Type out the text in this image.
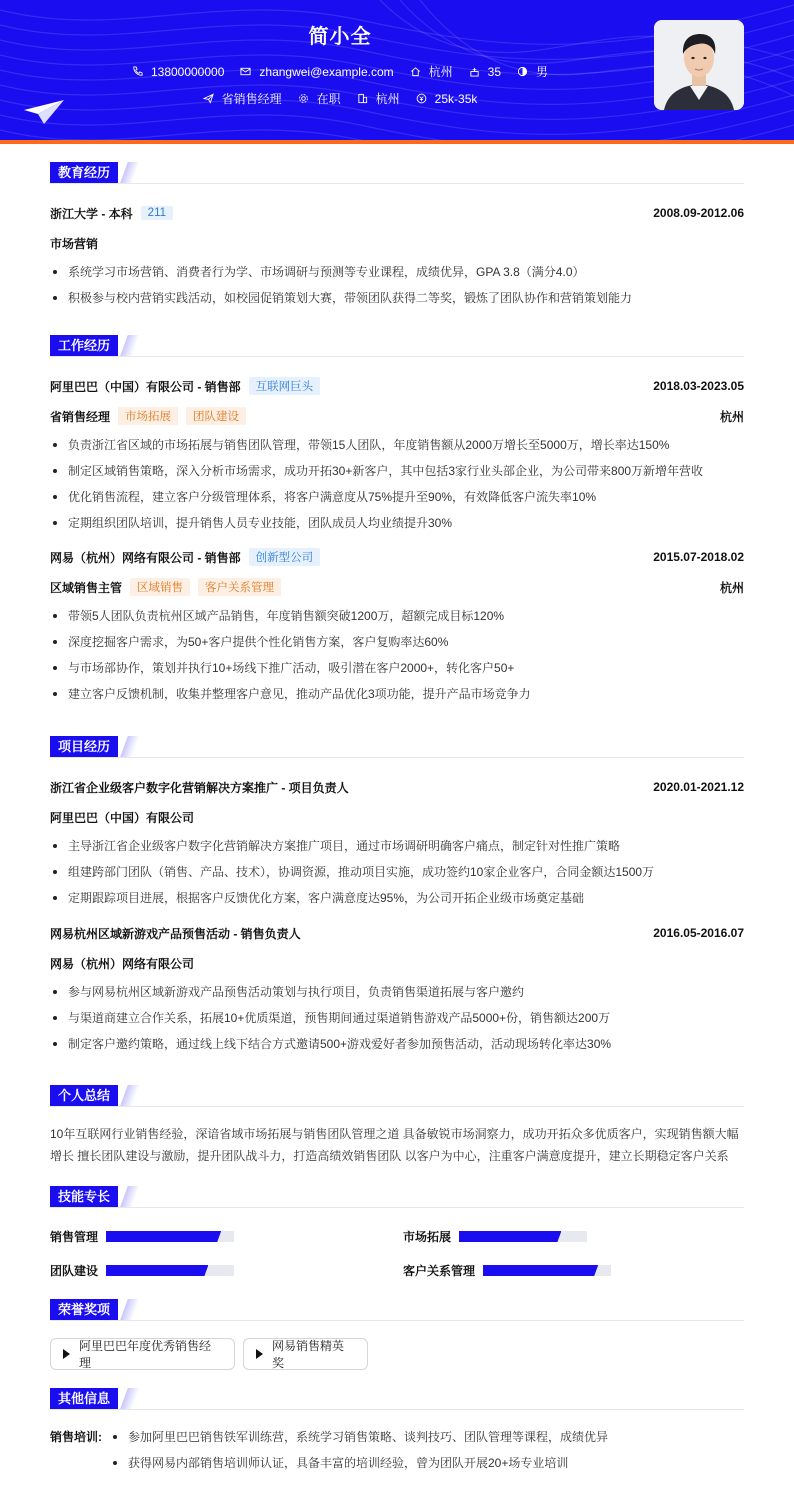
简小全
13800000000	zhangwei@example.com	杭州	35	男
省销售经理	在职	杭州	25k-35k
教育经历
浙江大学 - 本科	211	2008.09-2012.06
市场营销
系统学习市场营销、消费者行为学、市场调研与预测等专业课程，成绩优异，GPA 3.8（满分4.0）
积极参与校内营销实践活动，如校园促销策划大赛，带领团队获得二等奖，锻炼了团队协作和营销策划能力
工作经历
阿里巴巴（中国）有限公司 - 销售部	互联网巨头	2018.03-2023.05
省销售经理	市场拓展	团队建设	杭州
负责浙江省区域的市场拓展与销售团队管理，带领15人团队，年度销售额从2000万增长至5000万，增长率达150%
制定区域销售策略，深入分析市场需求，成功开拓30+新客户，其中包括3家行业头部企业，为公司带来800万新增年营收
优化销售流程，建立客户分级管理体系，将客户满意度从75%提升至90%，有效降低客户流失率10%
定期组织团队培训，提升销售人员专业技能，团队成员人均业绩提升30%
网易（杭州）网络有限公司 - 销售部	创新型公司	2015.07-2018.02
区域销售主管	区域销售	客户关系管理	杭州
带领5人团队负责杭州区域产品销售，年度销售额突破1200万，超额完成目标120%
深度挖掘客户需求，为50+客户提供个性化销售方案，客户复购率达60%
与市场部协作，策划并执行10+场线下推广活动，吸引潜在客户2000+，转化客户50+
建立客户反馈机制，收集并整理客户意见，推动产品优化3项功能，提升产品市场竞争力
项目经历
浙江省企业级客户数字化营销解决方案推广 - 项目负责人	2020.01-2021.12
阿里巴巴（中国）有限公司
主导浙江省企业级客户数字化营销解决方案推广项目，通过市场调研明确客户痛点，制定针对性推广策略
组建跨部门团队（销售、产品、技术），协调资源，推动项目实施，成功签约10家企业客户，合同金额达1500万
定期跟踪项目进展，根据客户反馈优化方案，客户满意度达95%，为公司开拓企业级市场奠定基础
网易杭州区域新游戏产品预售活动 - 销售负责人	2016.05-2016.07
网易（杭州）网络有限公司
参与网易杭州区域新游戏产品预售活动策划与执行项目，负责销售渠道拓展与客户邀约
与渠道商建立合作关系，拓展10+优质渠道，预售期间通过渠道销售游戏产品5000+份，销售额达200万
制定客户邀约策略，通过线上线下结合方式邀请500+游戏爱好者参加预售活动，活动现场转化率达30%
个人总结
10年互联网行业销售经验，深谙省域市场拓展与销售团队管理之道 具备敏锐市场洞察力，成功开拓众多优质客户，实现销售额大幅
增长 擅长团队建设与激励，提升团队战斗力，打造高绩效销售团队 以客户为中心，注重客户满意度提升，建立长期稳定客户关系
技能专长
销售管理	市场拓展
团队建设	客户关系管理
荣誉奖项
阿里巴巴年度优秀销售经理
网易销售精英奖
其他信息
销售培训:	参加阿里巴巴销售铁军训练营，系统学习销售策略、谈判技巧、团队管理等课程，成绩优异
获得网易内部销售培训师认证，具备丰富的培训经验，曾为团队开展20+场专业培训
